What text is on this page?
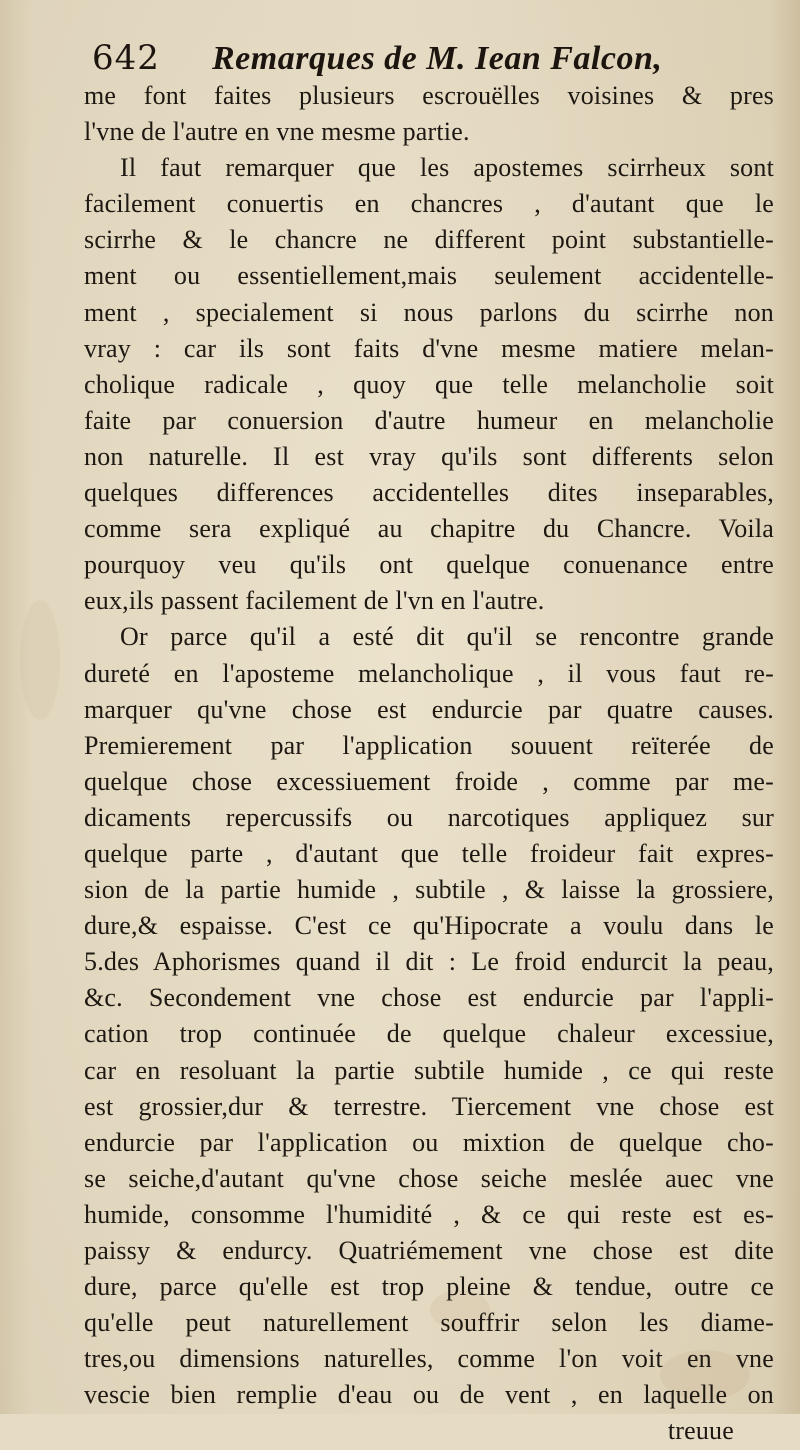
642	Remarques de M. Iean Falcon,
me font faites plusieurs escrouëlles voisines & pres
l'vne de l'autre en vne mesme partie.
Il faut remarquer que les apostemes scirrheux sont
facilement conuertis en chancres , d'autant que le
scirrhe & le chancre ne different point substantielle-
ment ou essentiellement,mais seulement accidentelle-
ment , specialement si nous parlons du scirrhe non
vray : car ils sont faits d'vne mesme matiere melan-
cholique radicale , quoy que telle melancholie soit
faite par conuersion d'autre humeur en melancholie
non naturelle. Il est vray qu'ils sont differents selon
quelques differences accidentelles dites inseparables,
comme sera expliqué au chapitre du Chancre. Voila
pourquoy veu qu'ils ont quelque conuenance entre
eux,ils passent facilement de l'vn en l'autre.
Or parce qu'il a esté dit qu'il se rencontre grande
dureté en l'aposteme melancholique , il vous faut re-
marquer qu'vne chose est endurcie par quatre causes.
Premierement par l'application souuent reïterée de
quelque chose excessiuement froide , comme par me-
dicaments repercussifs ou narcotiques appliquez sur
quelque parte , d'autant que telle froideur fait expres-
sion de la partie humide , subtile , & laisse la grossiere,
dure,& espaisse. C'est ce qu'Hipocrate a voulu dans le
5.des Aphorismes quand il dit : Le froid endurcit la peau,
&c. Secondement vne chose est endurcie par l'appli-
cation trop continuée de quelque chaleur excessiue,
car en resoluant la partie subtile humide , ce qui reste
est grossier,dur & terrestre. Tiercement vne chose est
endurcie par l'application ou mixtion de quelque cho-
se seiche,d'autant qu'vne chose seiche meslée auec vne
humide, consomme l'humidité , & ce qui reste est es-
paissy & endurcy. Quatriémement vne chose est dite
dure, parce qu'elle est trop pleine & tendue, outre ce
qu'elle peut naturellement souffrir selon les diame-
tres,ou dimensions naturelles, comme l'on voit en vne
vescie bien remplie d'eau ou de vent , en laquelle on
treuue
